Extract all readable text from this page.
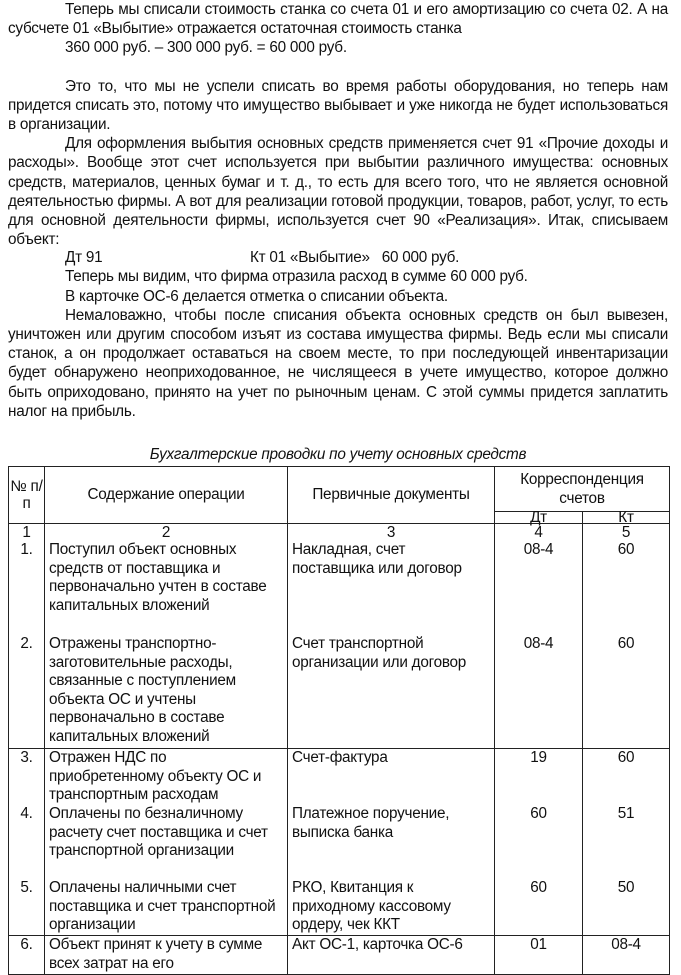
Теперь мы списали стоимость станка со счета 01 и его амортизацию со счета 02. А на субсчете 01 «Выбытие» отражается остаточная стоимость станка

360 000 руб. – 300 000 руб. = 60 000 руб.

Это то, что мы не успели списать во время работы оборудования, но теперь нам придется списать это, потому что имущество выбывает и уже никогда не будет использоваться в организации.

Для оформления выбытия основных средств применяется счет 91 «Прочие доходы и расходы». Вообще этот счет используется при выбытии различного имущества: основных средств, материалов, ценных бумаг и т. д., то есть для всего того, что не является основной деятельностью фирмы. А вот для реализации готовой продукции, товаров, работ, услуг, то есть для основной деятельности фирмы, используется счет 90 «Реализация». Итак, списываем объект:

Дт 91	Кт 01 «Выбытие»   60 000 руб.

Теперь мы видим, что фирма отразила расход в сумме 60 000 руб.

В карточке ОС-6 делается отметка о списании объекта.

Немаловажно, чтобы после списания объекта основных средств он был вывезен, уничтожен или другим способом изъят из состава имущества фирмы. Ведь если мы списали станок, а он продолжает оставаться на своем месте, то при последующей инвентаризации будет обнаружено неоприходованное, не числящееся в учете имущество, которое должно быть оприходовано, принято на учет по рыночным ценам. С этой суммы придется заплатить налог на прибыль.

Бухгалтерские проводки по учету основных средств
№ п/ п	Содержание операции	Первичные документы	Корреспонденция счетов	
			Дт	Кт
1	2	3	4	5
1.	Поступил объект основных средств от поставщика и первоначально учтен в составе капитальных вложений	Накладная, счет поставщика или договор	08-4	60
2.	Отражены транспортно-заготовительные расходы, связанные с поступлением объекта ОС и учтены первоначально в составе капитальных вложений	Счет транспортной организации или договор	08-4	60
3.	Отражен НДС по приобретенному объекту ОС и транспортным расходам	Счет-фактура	19	60
4.	Оплачены по безналичному расчету счет поставщика и счет транспортной организации	Платежное поручение, выписка банка	60	51
5.	Оплачены наличными счет поставщика и счет транспортной организации	РКО, Квитанция к приходному кассовому ордеру, чек ККТ	60	50
6.	Объект принят к учету в сумме всех затрат на его	Акт ОС-1, карточка ОС-6	01	08-4
